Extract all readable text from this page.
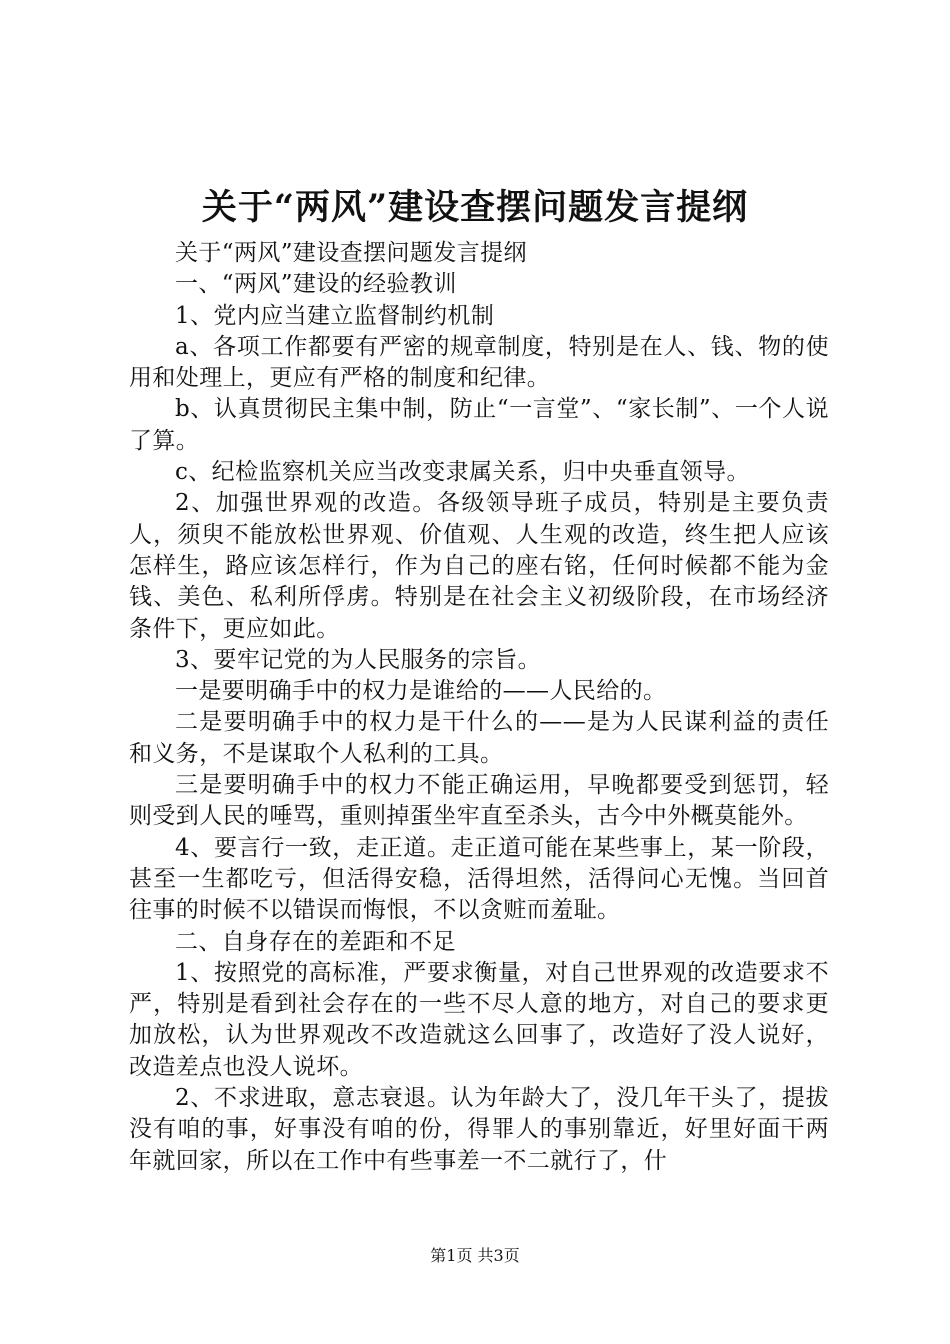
关于“两风”建设查摆问题发言提纲

关于“两风”建设查摆问题发言提纲

一、“两风”建设的经验教训

1、党内应当建立监督制约机制

a、各项工作都要有严密的规章制度，特别是在人、钱、物的使用和处理上，更应有严格的制度和纪律。

b、认真贯彻民主集中制，防止“一言堂”、“家长制”、一个人说了算。

c、纪检监察机关应当改变隶属关系，归中央垂直领导。

2、加强世界观的改造。各级领导班子成员，特别是主要负责人，须臾不能放松世界观、价值观、人生观的改造，终生把人应该怎样生，路应该怎样行，作为自己的座右铭，任何时候都不能为金钱、美色、私利所俘虏。特别是在社会主义初级阶段，在市场经济条件下，更应如此。

3、要牢记党的为人民服务的宗旨。

一是要明确手中的权力是谁给的——人民给的。

二是要明确手中的权力是干什么的——是为人民谋利益的责任和义务，不是谋取个人私利的工具。

三是要明确手中的权力不能正确运用，早晚都要受到惩罚，轻则受到人民的唾骂，重则掉蛋坐牢直至杀头，古今中外概莫能外。

4、要言行一致，走正道。走正道可能在某些事上，某一阶段，甚至一生都吃亏，但活得安稳，活得坦然，活得问心无愧。当回首往事的时候不以错误而悔恨，不以贪赃而羞耻。

二、自身存在的差距和不足

1、按照党的高标准，严要求衡量，对自己世界观的改造要求不严，特别是看到社会存在的一些不尽人意的地方，对自己的要求更加放松，认为世界观改不改造就这么回事了，改造好了没人说好，改造差点也没人说坏。

2、不求进取，意志衰退。认为年龄大了，没几年干头了，提拔没有咱的事，好事没有咱的份，得罪人的事别靠近，好里好面干两年就回家，所以在工作中有些事差一不二就行了，什

第1页 共3页
